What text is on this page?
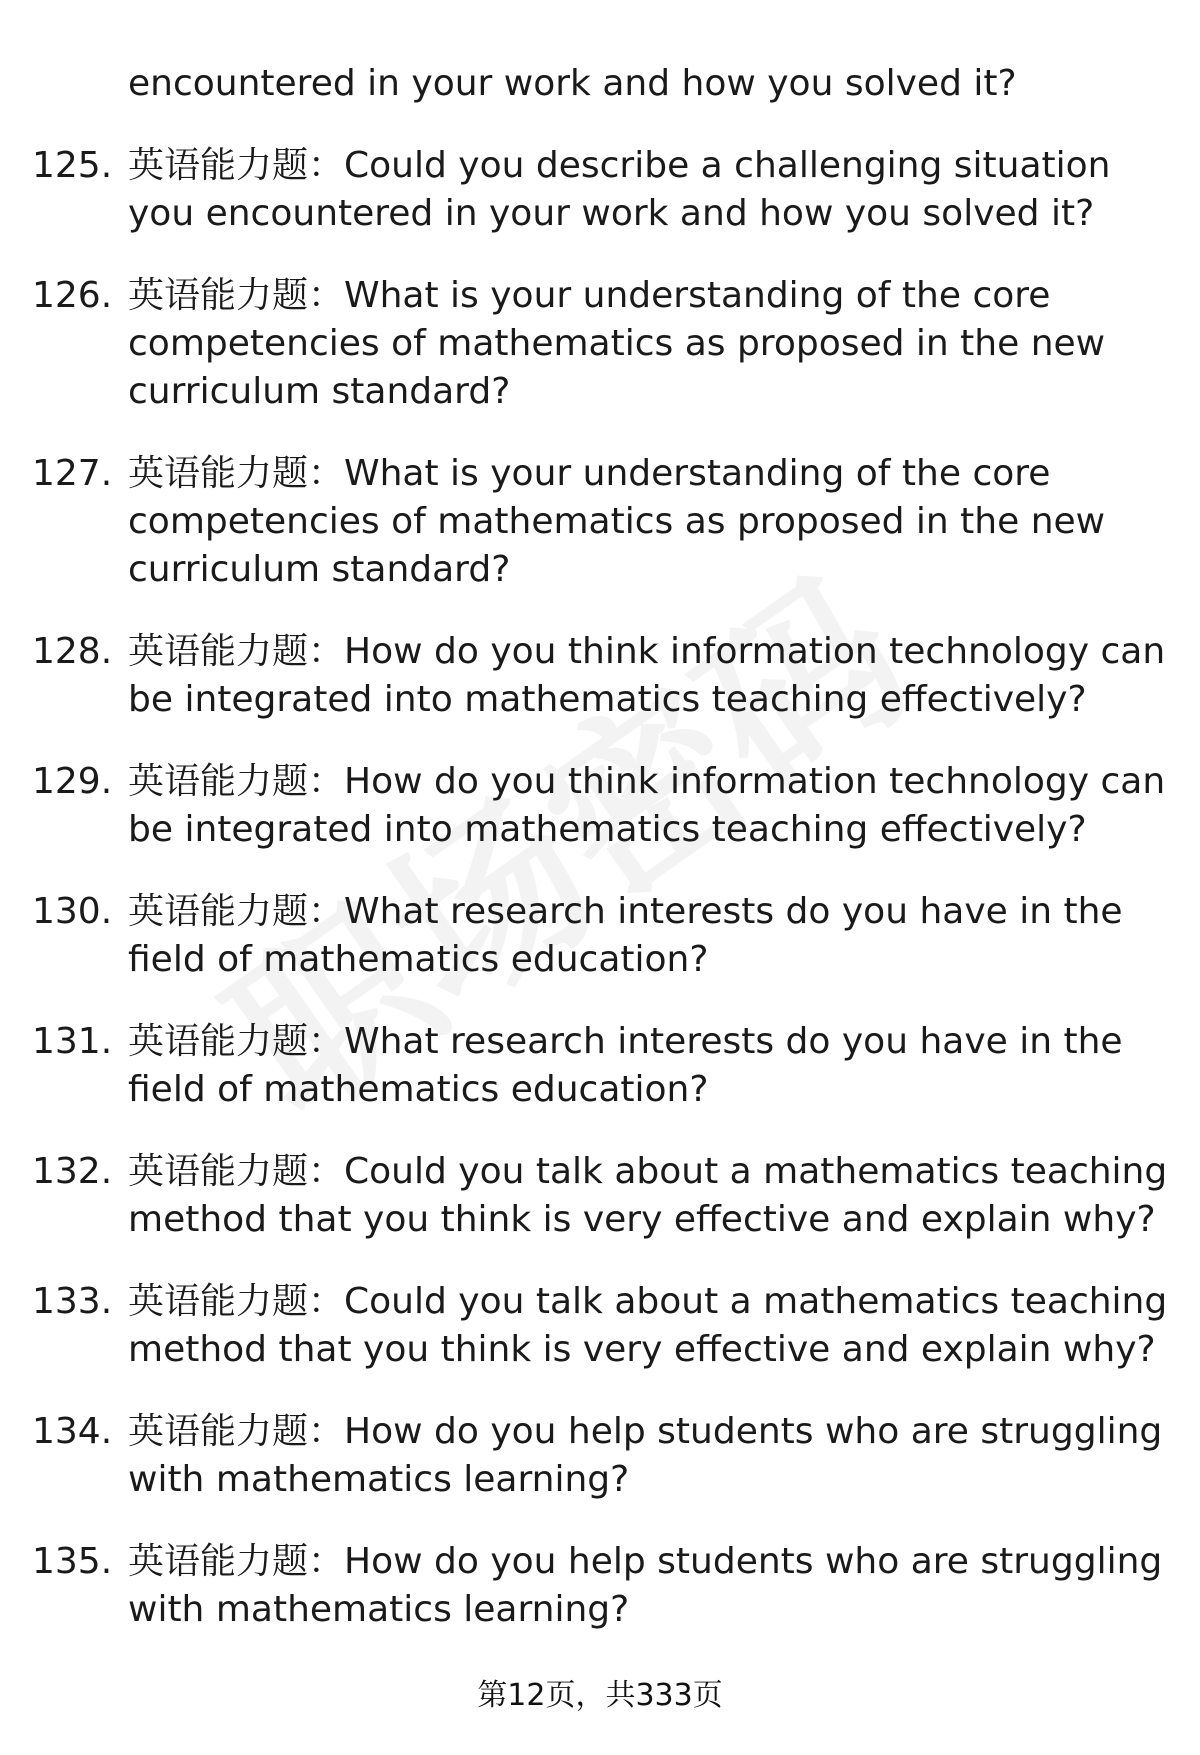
encountered in your work and how you solved it?
125. 英语能力题：Could you describe a challenging situation you encountered in your work and how you solved it?
126. 英语能力题：What is your understanding of the core competencies of mathematics as proposed in the new curriculum standard?
127. 英语能力题：What is your understanding of the core competencies of mathematics as proposed in the new curriculum standard?
128. 英语能力题：How do you think information technology can be integrated into mathematics teaching effectively?
129. 英语能力题：How do you think information technology can be integrated into mathematics teaching effectively?
130. 英语能力题：What research interests do you have in the field of mathematics education?
131. 英语能力题：What research interests do you have in the field of mathematics education?
132. 英语能力题：Could you talk about a mathematics teaching method that you think is very effective and explain why?
133. 英语能力题：Could you talk about a mathematics teaching method that you think is very effective and explain why?
134. 英语能力题：How do you help students who are struggling with mathematics learning?
135. 英语能力题：How do you help students who are struggling with mathematics learning?
第12页，共333页
